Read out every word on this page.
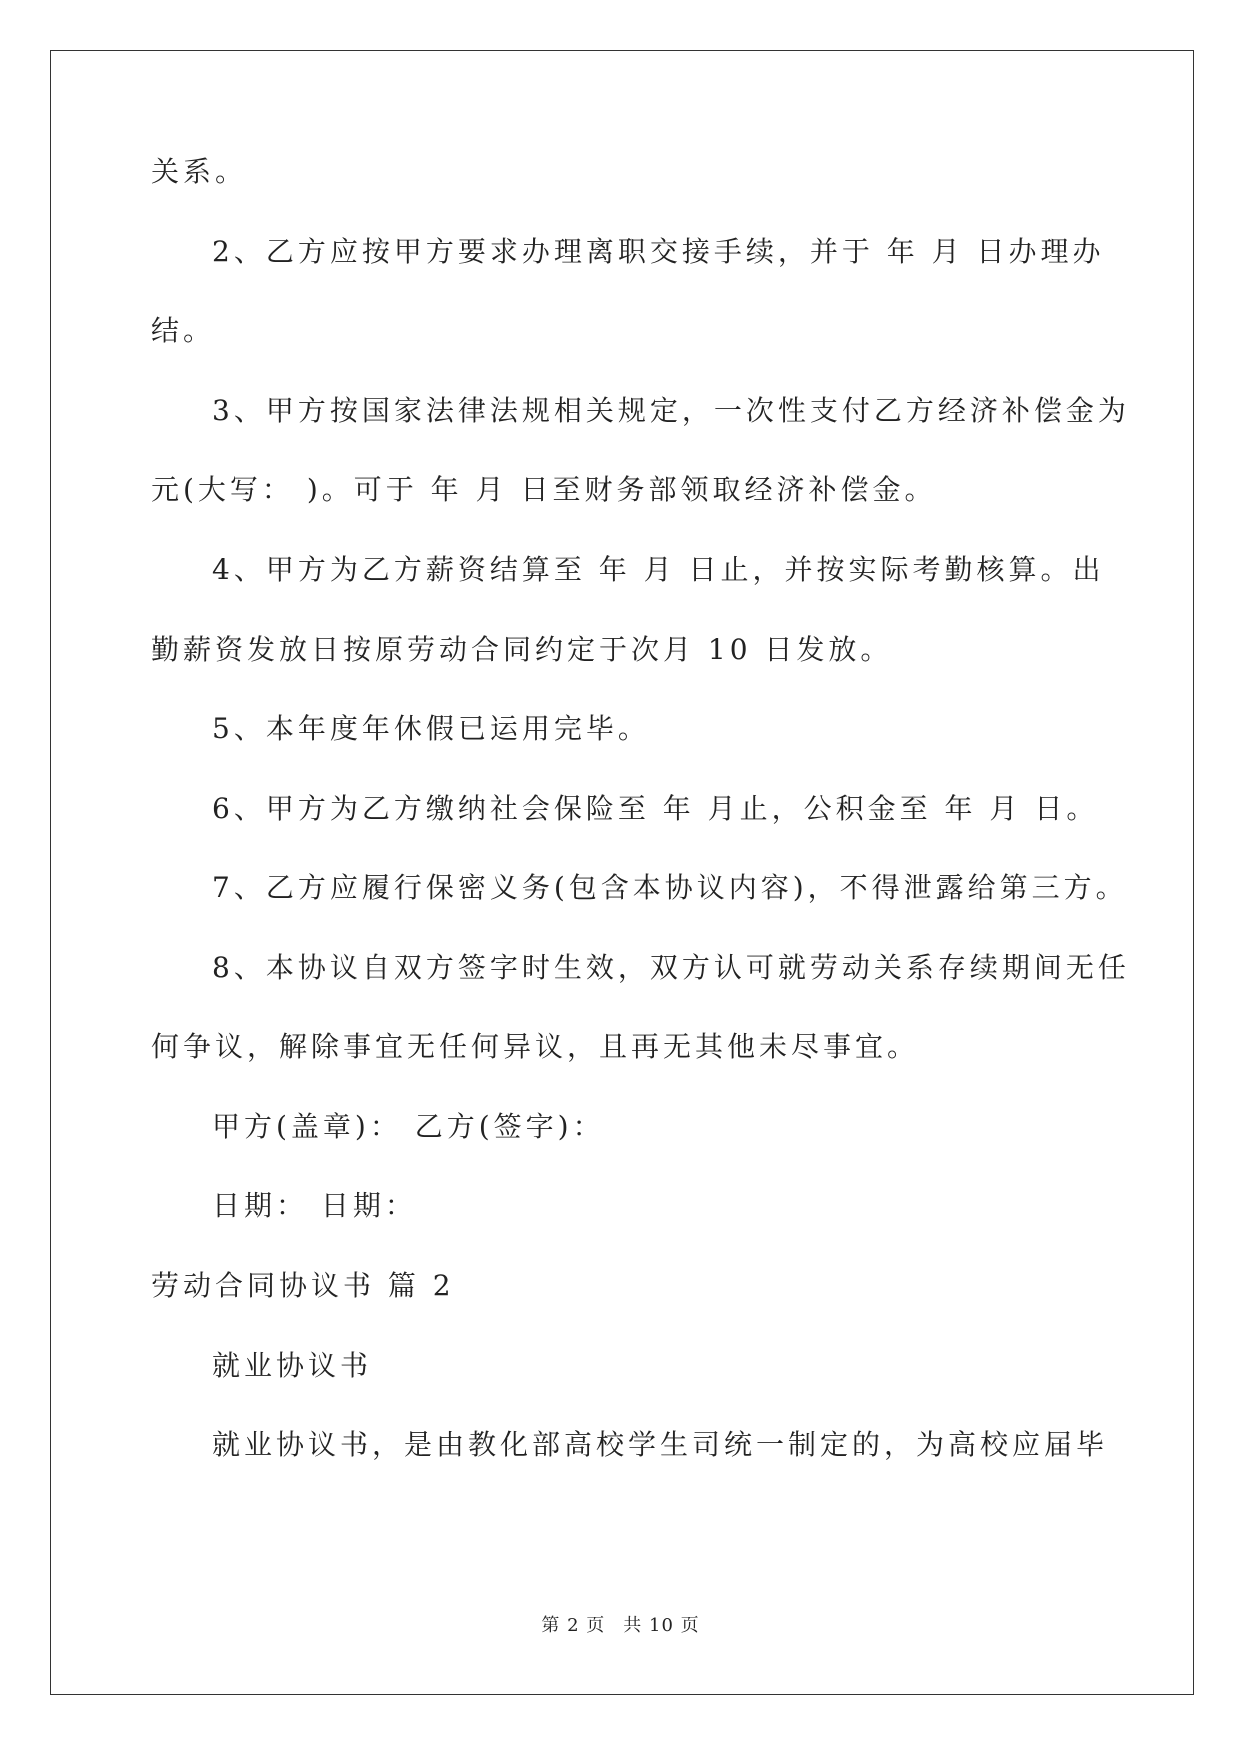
关系。
2、乙方应按甲方要求办理离职交接手续，并于 年 月 日办理办
结。
3、甲方按国家法律法规相关规定，一次性支付乙方经济补偿金为
元(大写： )。可于 年 月 日至财务部领取经济补偿金。
4、甲方为乙方薪资结算至 年 月 日止，并按实际考勤核算。出
勤薪资发放日按原劳动合同约定于次月 10 日发放。
5、本年度年休假已运用完毕。
6、甲方为乙方缴纳社会保险至 年 月止，公积金至 年 月 日。
7、乙方应履行保密义务(包含本协议内容)，不得泄露给第三方。
8、本协议自双方签字时生效，双方认可就劳动关系存续期间无任
何争议，解除事宜无任何异议，且再无其他未尽事宜。
甲方(盖章)： 乙方(签字)：
日期： 日期：
劳动合同协议书 篇 2
就业协议书
就业协议书，是由教化部高校学生司统一制定的，为高校应届毕
第 2 页 共 10 页
